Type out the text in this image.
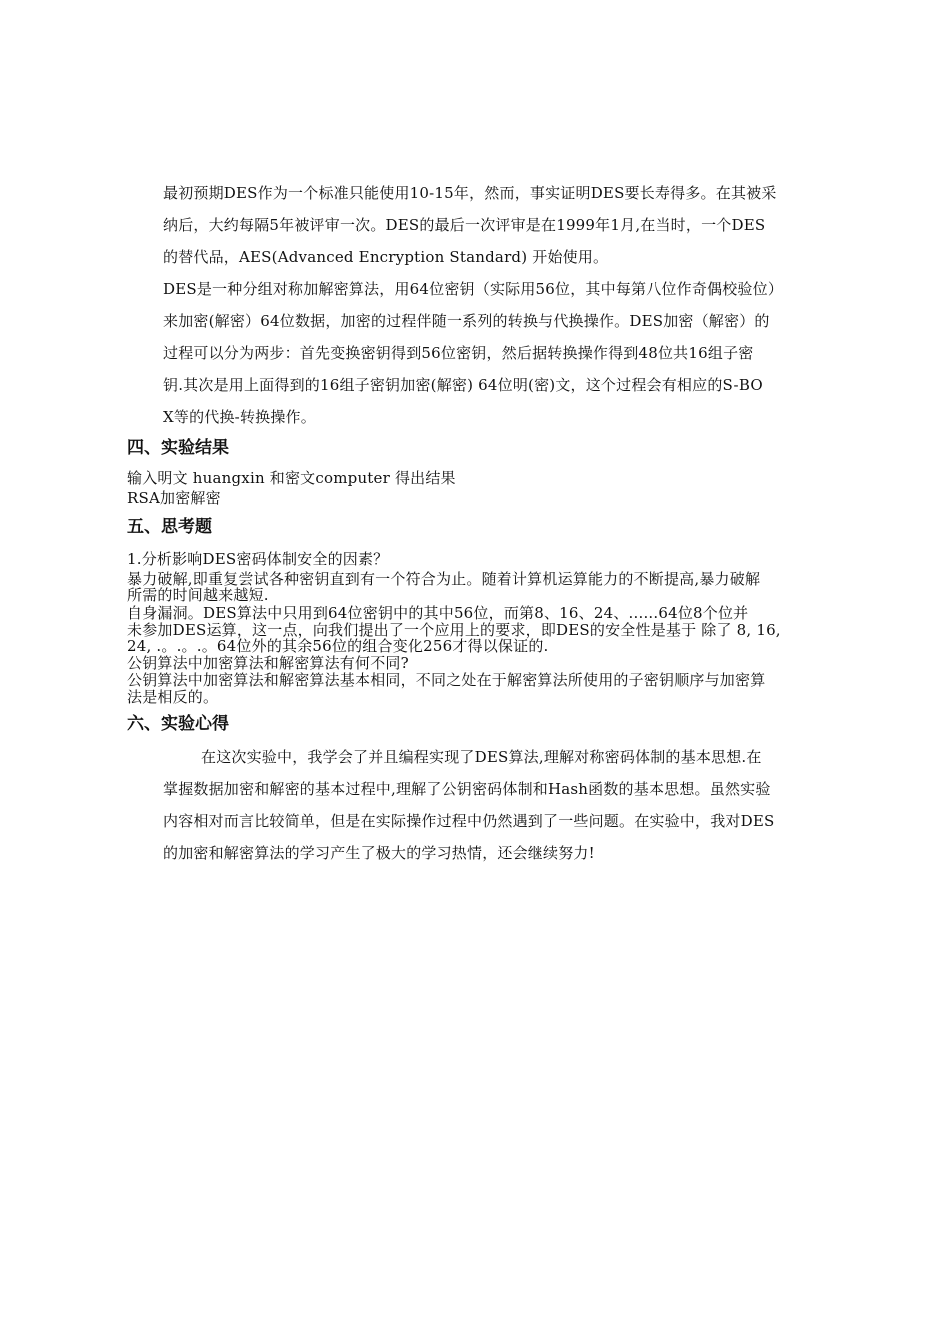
最初预期DES作为一个标准只能使用10-15年，然而，事实证明DES要长寿得多。在其被采
纳后，大约每隔5年被评审一次。DES的最后一次评审是在1999年1月,在当时，一个DES
的替代品，AES(Advanced Encryption Standard) 开始使用。
DES是一种分组对称加解密算法，用64位密钥（实际用56位，其中每第八位作奇偶校验位）
来加密(解密）64位数据，加密的过程伴随一系列的转换与代换操作。DES加密（解密）的
过程可以分为两步：首先变换密钥得到56位密钥，然后据转换操作得到48位共16组子密
钥.其次是用上面得到的16组子密钥加密(解密) 64位明(密)文，这个过程会有相应的S-BO
X等的代换-转换操作。
四、实验结果
输入明文 huangxin 和密文computer 得出结果
RSA加密解密
五、思考题
1.分析影响DES密码体制安全的因素？
暴力破解,即重复尝试各种密钥直到有一个符合为止。随着计算机运算能力的不断提高,暴力破解
所需的时间越来越短.
自身漏洞。DES算法中只用到64位密钥中的其中56位，而第8、16、24、......64位8个位并
未参加DES运算，这一点，向我们提出了一个应用上的要求，即DES的安全性是基于 除了 8, 16,
24, .。.。.。64位外的其余56位的组合变化256才得以保证的.
公钥算法中加密算法和解密算法有何不同?
公钥算法中加密算法和解密算法基本相同，不同之处在于解密算法所使用的子密钥顺序与加密算
法是相反的。
六、实验心得
在这次实验中，我学会了并且编程实现了DES算法,理解对称密码体制的基本思想.在
掌握数据加密和解密的基本过程中,理解了公钥密码体制和Hash函数的基本思想。虽然实验
内容相对而言比较简单，但是在实际操作过程中仍然遇到了一些问题。在实验中，我对DES
的加密和解密算法的学习产生了极大的学习热情，还会继续努力!
